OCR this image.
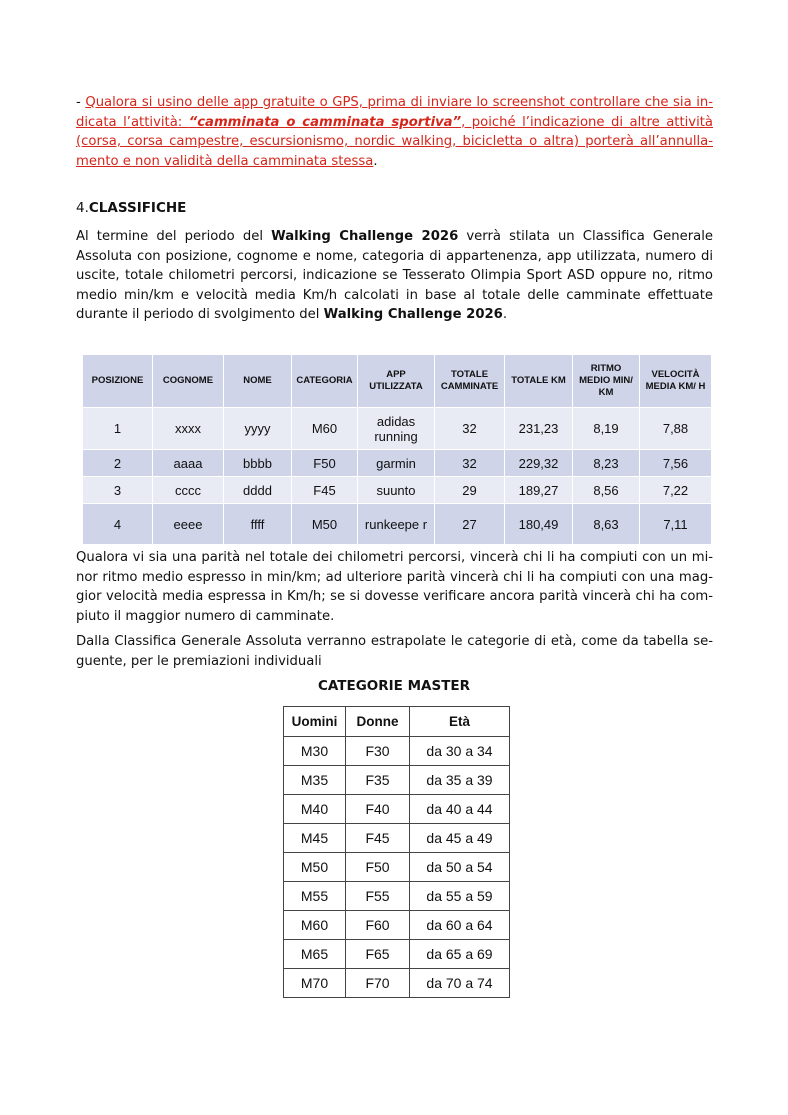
- Qualora si usino delle app gratuite o GPS, prima di inviare lo screenshot controllare che sia in-dicata l’attività: “camminata o camminata sportiva”, poiché l’indicazione di altre attività (corsa, corsa campestre, escursionismo, nordic walking, bicicletta o altra) porterà all’annulla-mento e non validità della camminata stessa.
4.CLASSIFICHE
Al termine del periodo del Walking Challenge 2026 verrà stilata un Classifica Generale Assoluta con posizione, cognome e nome, categoria di appartenenza, app utilizzata, numero di uscite, totale chilometri percorsi, indicazione se Tesserato Olimpia Sport ASD oppure no, ritmo medio min/km e velocità media Km/h calcolati in base al totale delle camminate effettuate durante il periodo di svolgimento del Walking Challenge 2026.
POSIZIONE	COGNOME	NOME	CATEGORIA	APP UTILIZZATA	TOTALE CAMMINATE	TOTALE KM	RITMO MEDIO MIN/ KM	VELOCITÀ MEDIA KM/ H
1	xxxx	yyyy	M60	adidas running	32	231,23	8,19	7,88
2	aaaa	bbbb	F50	garmin	32	229,32	8,23	7,56
3	cccc	dddd	F45	suunto	29	189,27	8,56	7,22
4	eeee	ffff	M50	runkeepe r	27	180,49	8,63	7,11
Qualora vi sia una parità nel totale dei chilometri percorsi, vincerà chi li ha compiuti con un mi-nor ritmo medio espresso in min/km; ad ulteriore parità vincerà chi li ha compiuti con una mag-gior velocità media espressa in Km/h; se si dovesse verificare ancora parità vincerà chi ha com-piuto il maggior numero di camminate.
Dalla Classifica Generale Assoluta verranno estrapolate le categorie di età, come da tabella se-guente, per le premiazioni individuali
CATEGORIE MASTER
Uomini	Donne	Età
M30	F30	da 30 a 34
M35	F35	da 35 a 39
M40	F40	da 40 a 44
M45	F45	da 45 a 49
M50	F50	da 50 a 54
M55	F55	da 55 a 59
M60	F60	da 60 a 64
M65	F65	da 65 a 69
M70	F70	da 70 a 74
